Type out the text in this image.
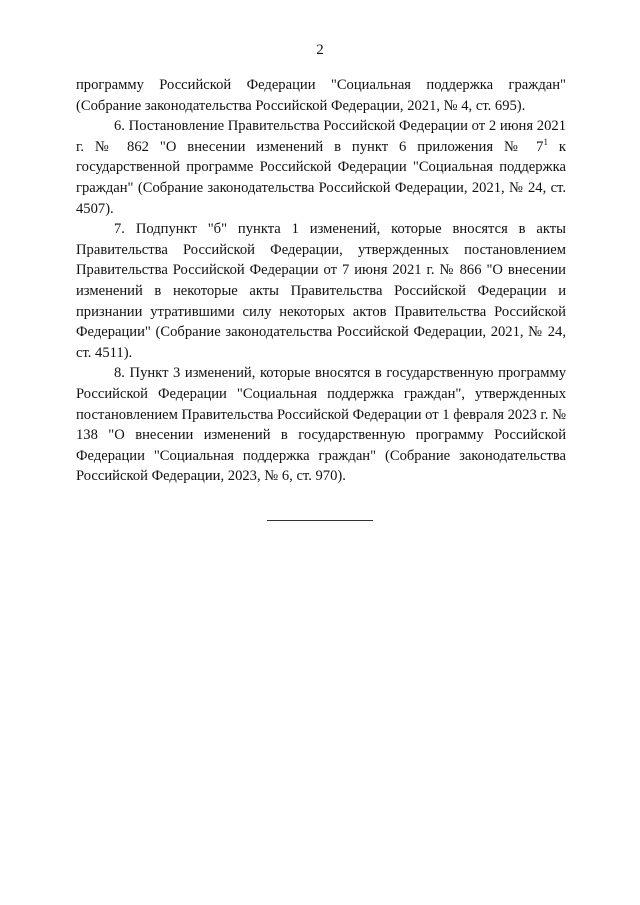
2

программу Российской Федерации "Социальная поддержка граждан" (Собрание законодательства Российской Федерации, 2021, № 4, ст. 695).

6. Постановление Правительства Российской Федерации от 2 июня 2021 г. № 862 "О внесении изменений в пункт 6 приложения № $7^1$ к государственной программе Российской Федерации "Социальная поддержка граждан" (Собрание законодательства Российской Федерации, 2021, № 24, ст. 4507).

7. Подпункт "б" пункта 1 изменений, которые вносятся в акты Правительства Российской Федерации, утвержденных постановлением Правительства Российской Федерации от 7 июня 2021 г. № 866 "О внесении изменений в некоторые акты Правительства Российской Федерации и признании утратившими силу некоторых актов Правительства Российской Федерации" (Собрание законодательства Российской Федерации, 2021, № 24, ст. 4511).

8. Пункт 3 изменений, которые вносятся в государственную программу Российской Федерации "Социальная поддержка граждан", утвержденных постановлением Правительства Российской Федерации от 1 февраля 2023 г. № 138 "О внесении изменений в государственную программу Российской Федерации "Социальная поддержка граждан" (Собрание законодательства Российской Федерации, 2023, № 6, ст. 970).
